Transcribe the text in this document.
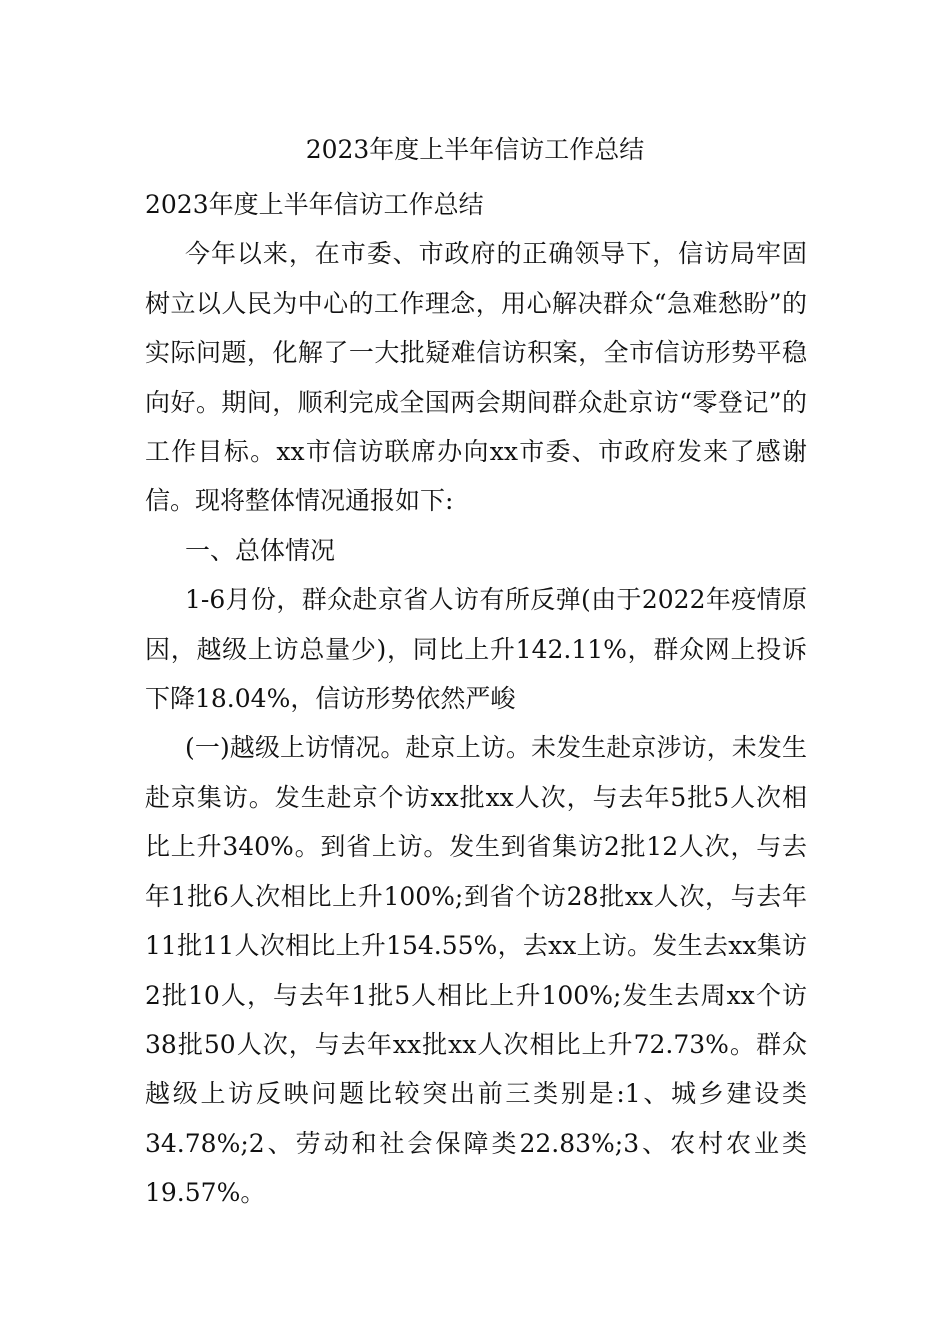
2023年度上半年信访工作总结

2023年度上半年信访工作总结

今年以来，在市委、市政府的正确领导下，信访局牢固树立以人民为中心的工作理念，用心解决群众“急难愁盼”的实际问题，化解了一大批疑难信访积案，全市信访形势平稳向好。期间，顺利完成全国两会期间群众赴京访“零登记”的工作目标。xx市信访联席办向xx市委、市政府发来了感谢信。现将整体情况通报如下:

一、总体情况

1-6月份，群众赴京省人访有所反弹(由于2022年疫情原因，越级上访总量少)，同比上升142.11%，群众网上投诉下降18.04%，信访形势依然严峻

(一)越级上访情况。赴京上访。未发生赴京涉访，未发生赴京集访。发生赴京个访xx批xx人次，与去年5批5人次相比上升340%。到省上访。发生到省集访2批12人次，与去年1批6人次相比上升100%;到省个访28批xx人次，与去年11批11人次相比上升154.55%，去xx上访。发生去xx集访2批10人，与去年1批5人相比上升100%;发生去周xx个访38批50人次，与去年xx批xx人次相比上升72.73%。群众越级上访反映问题比较突出前三类别是:1、城乡建设类34.78%;2、劳动和社会保障类22.83%;3、农村农业类19.57%。
